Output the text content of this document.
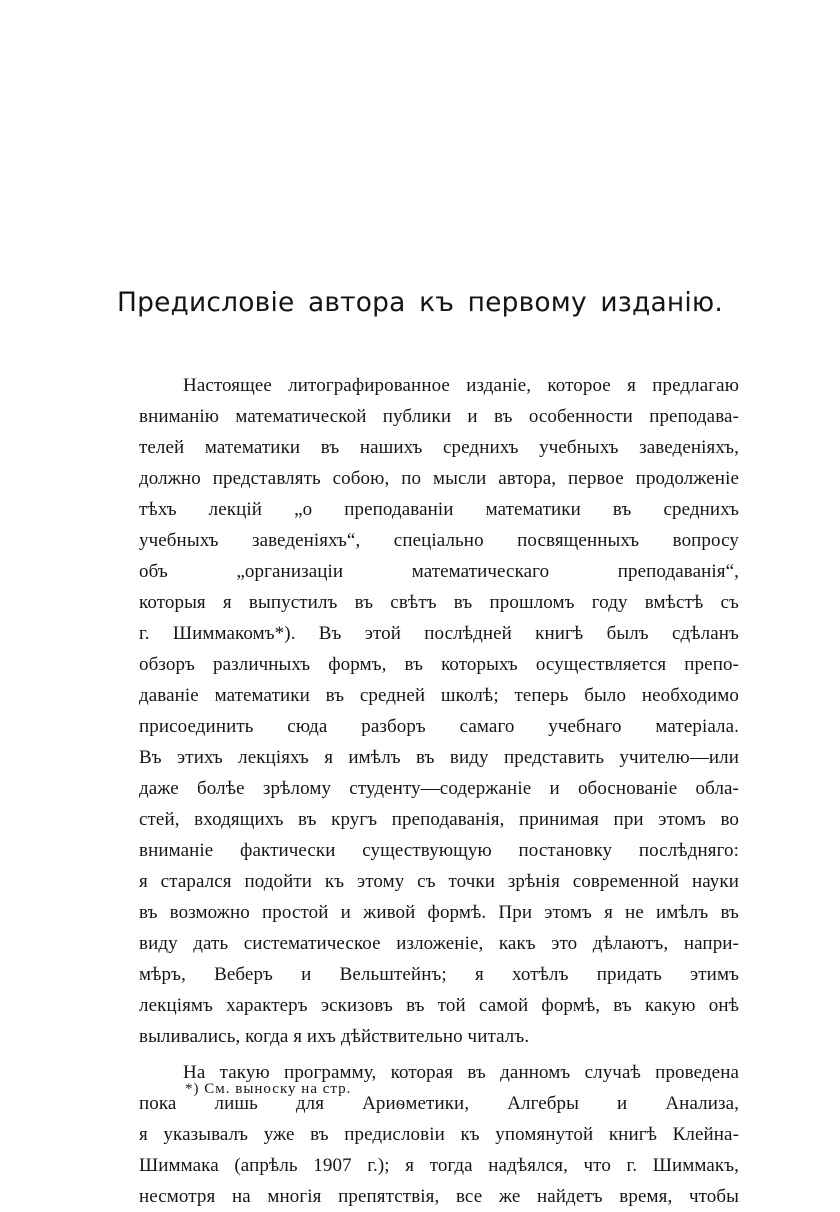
Предисловіе автора къ первому изданію.
Настоящее литографированное изданіе, которое я предлагаю
вниманію математической публики и въ особенности преподава-
телей математики въ нашихъ среднихъ учебныхъ заведеніяхъ,
должно представлять собою, по мысли автора, первое продолженіе
тѣхъ лекцій „о преподаваніи математики въ среднихъ
учебныхъ заведеніяхъ“, спеціально посвященныхъ вопросу
объ „организаціи математическаго преподаванія“,
которыя я выпустилъ въ свѣтъ въ прошломъ году вмѣстѣ съ
г. Шиммакомъ*). Въ этой послѣдней книгѣ былъ сдѣланъ
обзоръ различныхъ формъ, въ которыхъ осуществляется препо-
даваніе математики въ средней школѣ; теперь было необходимо
присоединить сюда разборъ самаго учебнаго матеріала.
Въ этихъ лекціяхъ я имѣлъ въ виду представить учителю—или
даже болѣе зрѣлому студенту—содержаніе и обоснованіе обла-
стей, входящихъ въ кругъ преподаванія, принимая при этомъ во
вниманіе фактически существующую постановку послѣдняго:
я старался подойти къ этому съ точки зрѣнія современной науки
въ возможно простой и живой формѣ. При этомъ я не имѣлъ въ
виду дать систематическое изложеніе, какъ это дѣлаютъ, напри-
мѣръ, Веберъ и Вельштейнъ; я хотѣлъ придать этимъ
лекціямъ характеръ эскизовъ въ той самой формѣ, въ какую онѣ
выливались, когда я ихъ дѣйствительно читалъ.
На такую программу, которая въ данномъ случаѣ проведена
пока лишь для Ариѳметики, Алгебры и Анализа,
я указывалъ уже въ предисловіи къ упомянутой книгѣ Клейна-
Шиммака (апрѣль 1907 г.); я тогда надѣялся, что г. Шиммакъ,
несмотря на многія препятствія, все же найдетъ время, чтобы
*) См. выноску на стр.
